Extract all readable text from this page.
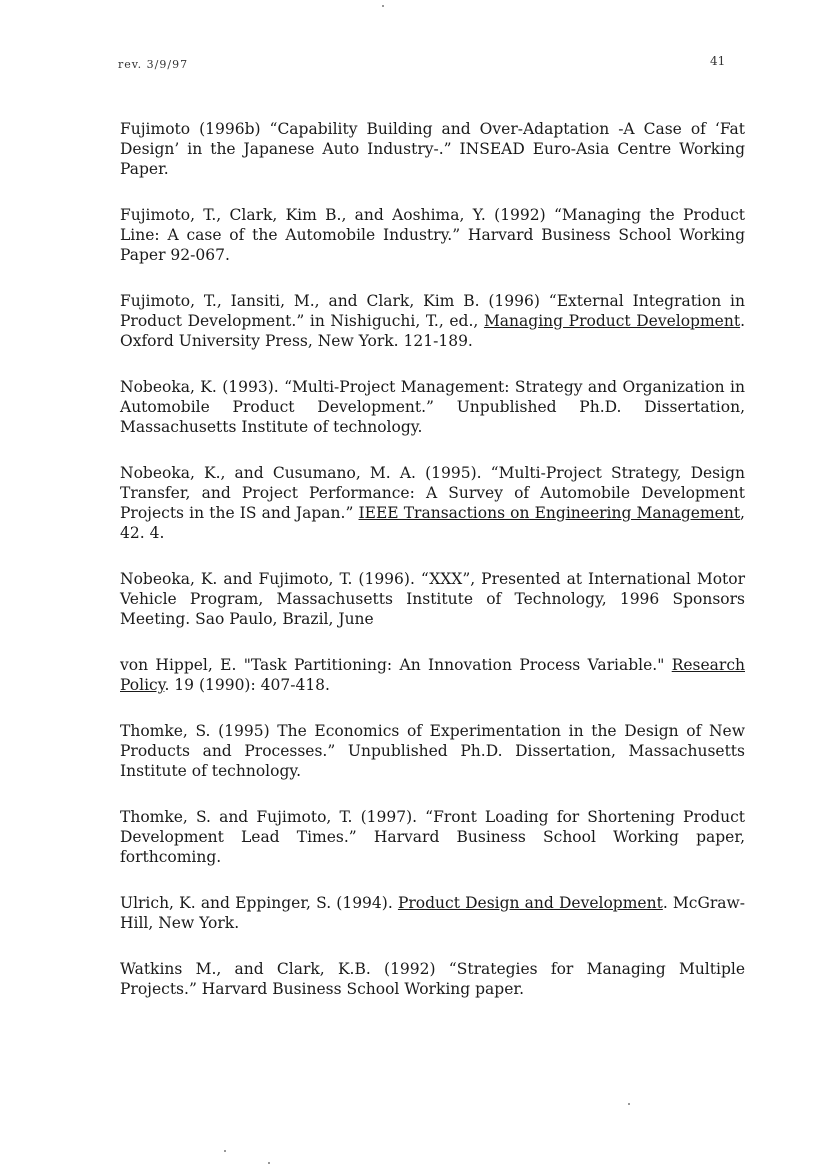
rev. 3/9/97	41

Fujimoto (1996b) “Capability Building and Over-Adaptation -A Case of ‘Fat Design’ in the Japanese Auto Industry-.” INSEAD Euro-Asia Centre Working Paper.

Fujimoto, T., Clark, Kim B., and Aoshima, Y. (1992) “Managing the Product Line: A case of the Automobile Industry.” Harvard Business School Working Paper 92-067.

Fujimoto, T., Iansiti, M., and Clark, Kim B. (1996) “External Integration in Product Development.” in Nishiguchi, T., ed., Managing Product Development. Oxford University Press, New York. 121-189.

Nobeoka, K. (1993). “Multi-Project Management: Strategy and Organization in Automobile Product Development.” Unpublished Ph.D. Dissertation, Massachusetts Institute of technology.

Nobeoka, K., and Cusumano, M. A. (1995). “Multi-Project Strategy, Design Transfer, and Project Performance: A Survey of Automobile Development Projects in the IS and Japan.” IEEE Transactions on Engineering Management, 42. 4.

Nobeoka, K. and Fujimoto, T. (1996). “XXX”, Presented at International Motor Vehicle Program, Massachusetts Institute of Technology, 1996 Sponsors Meeting. Sao Paulo, Brazil, June

von Hippel, E. "Task Partitioning: An Innovation Process Variable." Research Policy. 19 (1990): 407-418.

Thomke, S. (1995) The Economics of Experimentation in the Design of New Products and Processes.” Unpublished Ph.D. Dissertation, Massachusetts Institute of technology.

Thomke, S. and Fujimoto, T. (1997). “Front Loading for Shortening Product Development Lead Times.” Harvard Business School Working paper, forthcoming.

Ulrich, K. and Eppinger, S. (1994). Product Design and Development. McGraw-Hill, New York.

Watkins M., and Clark, K.B. (1992) “Strategies for Managing Multiple Projects.” Harvard Business School Working paper.
